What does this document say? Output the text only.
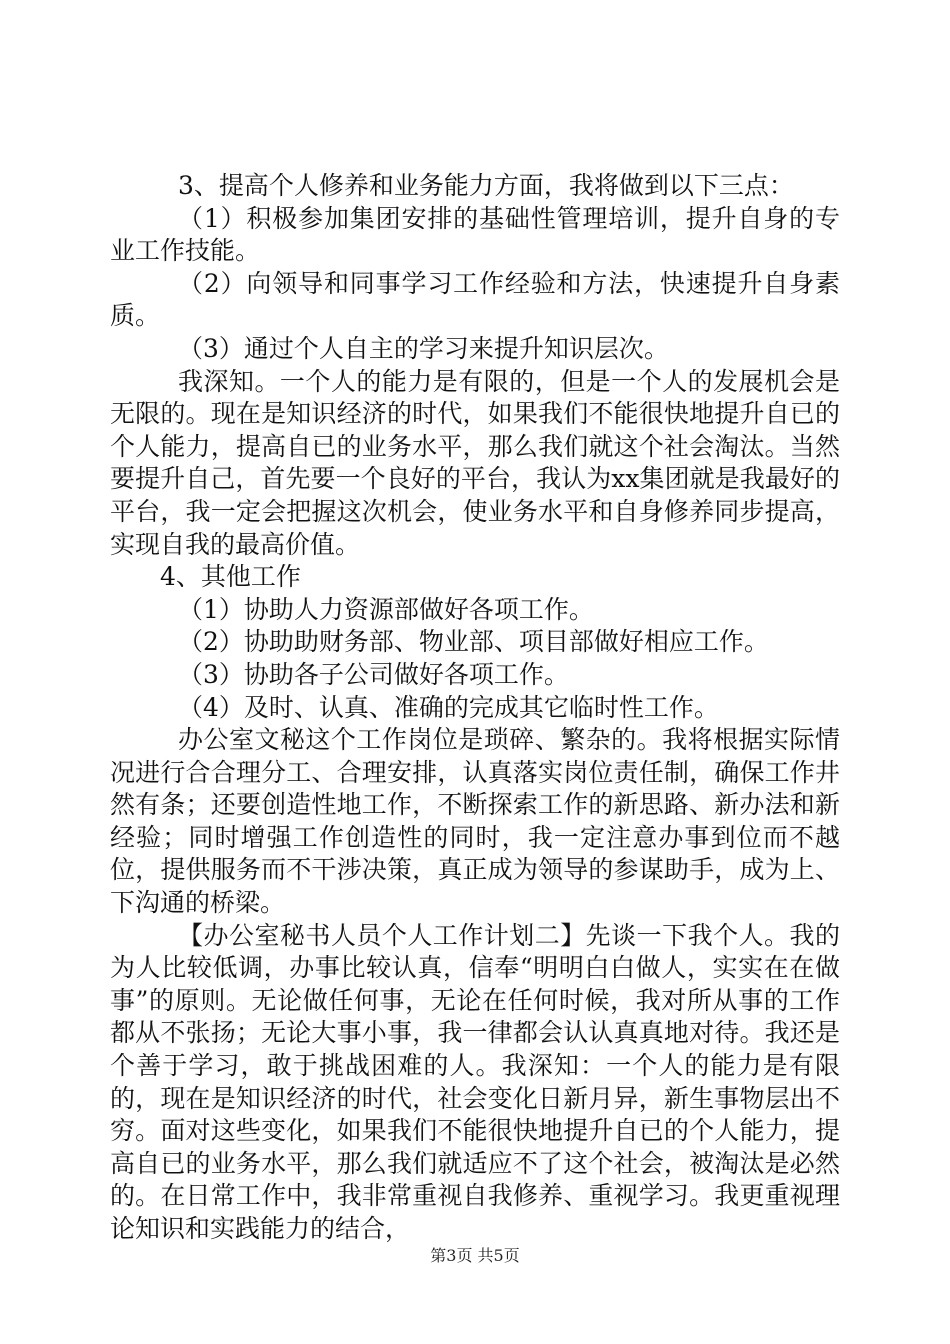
3、提高个人修养和业务能力方面，我将做到以下三点：

（1）积极参加集团安排的基础性管理培训，提升自身的专业工作技能。

（2）向领导和同事学习工作经验和方法，快速提升自身素质。

（3）通过个人自主的学习来提升知识层次。

我深知。一个人的能力是有限的，但是一个人的发展机会是无限的。现在是知识经济的时代，如果我们不能很快地提升自已的个人能力，提高自已的业务水平，那么我们就这个社会淘汰。当然要提升自己，首先要一个良好的平台，我认为xx集团就是我最好的平台，我一定会把握这次机会，使业务水平和自身修养同步提高，实现自我的最高价值。

4、其他工作

（1）协助人力资源部做好各项工作。

（2）协助助财务部、物业部、项目部做好相应工作。

（3）协助各子公司做好各项工作。

（4）及时、认真、准确的完成其它临时性工作。

办公室文秘这个工作岗位是琐碎、繁杂的。我将根据实际情况进行合合理分工、合理安排，认真落实岗位责任制，确保工作井然有条；还要创造性地工作，不断探索工作的新思路、新办法和新经验；同时增强工作创造性的同时，我一定注意办事到位而不越位，提供服务而不干涉决策，真正成为领导的参谋助手，成为上、下沟通的桥梁。

【办公室秘书人员个人工作计划二】先谈一下我个人。我的为人比较低调，办事比较认真，信奉“明明白白做人，实实在在做事”的原则。无论做任何事，无论在任何时候，我对所从事的工作都从不张扬；无论大事小事，我一律都会认认真真地对待。我还是个善于学习，敢于挑战困难的人。我深知：一个人的能力是有限的，现在是知识经济的时代，社会变化日新月异，新生事物层出不穷。面对这些变化，如果我们不能很快地提升自已的个人能力，提高自已的业务水平，那么我们就适应不了这个社会，被淘汰是必然的。在日常工作中，我非常重视自我修养、重视学习。我更重视理论知识和实践能力的结合，

第3页 共5页
